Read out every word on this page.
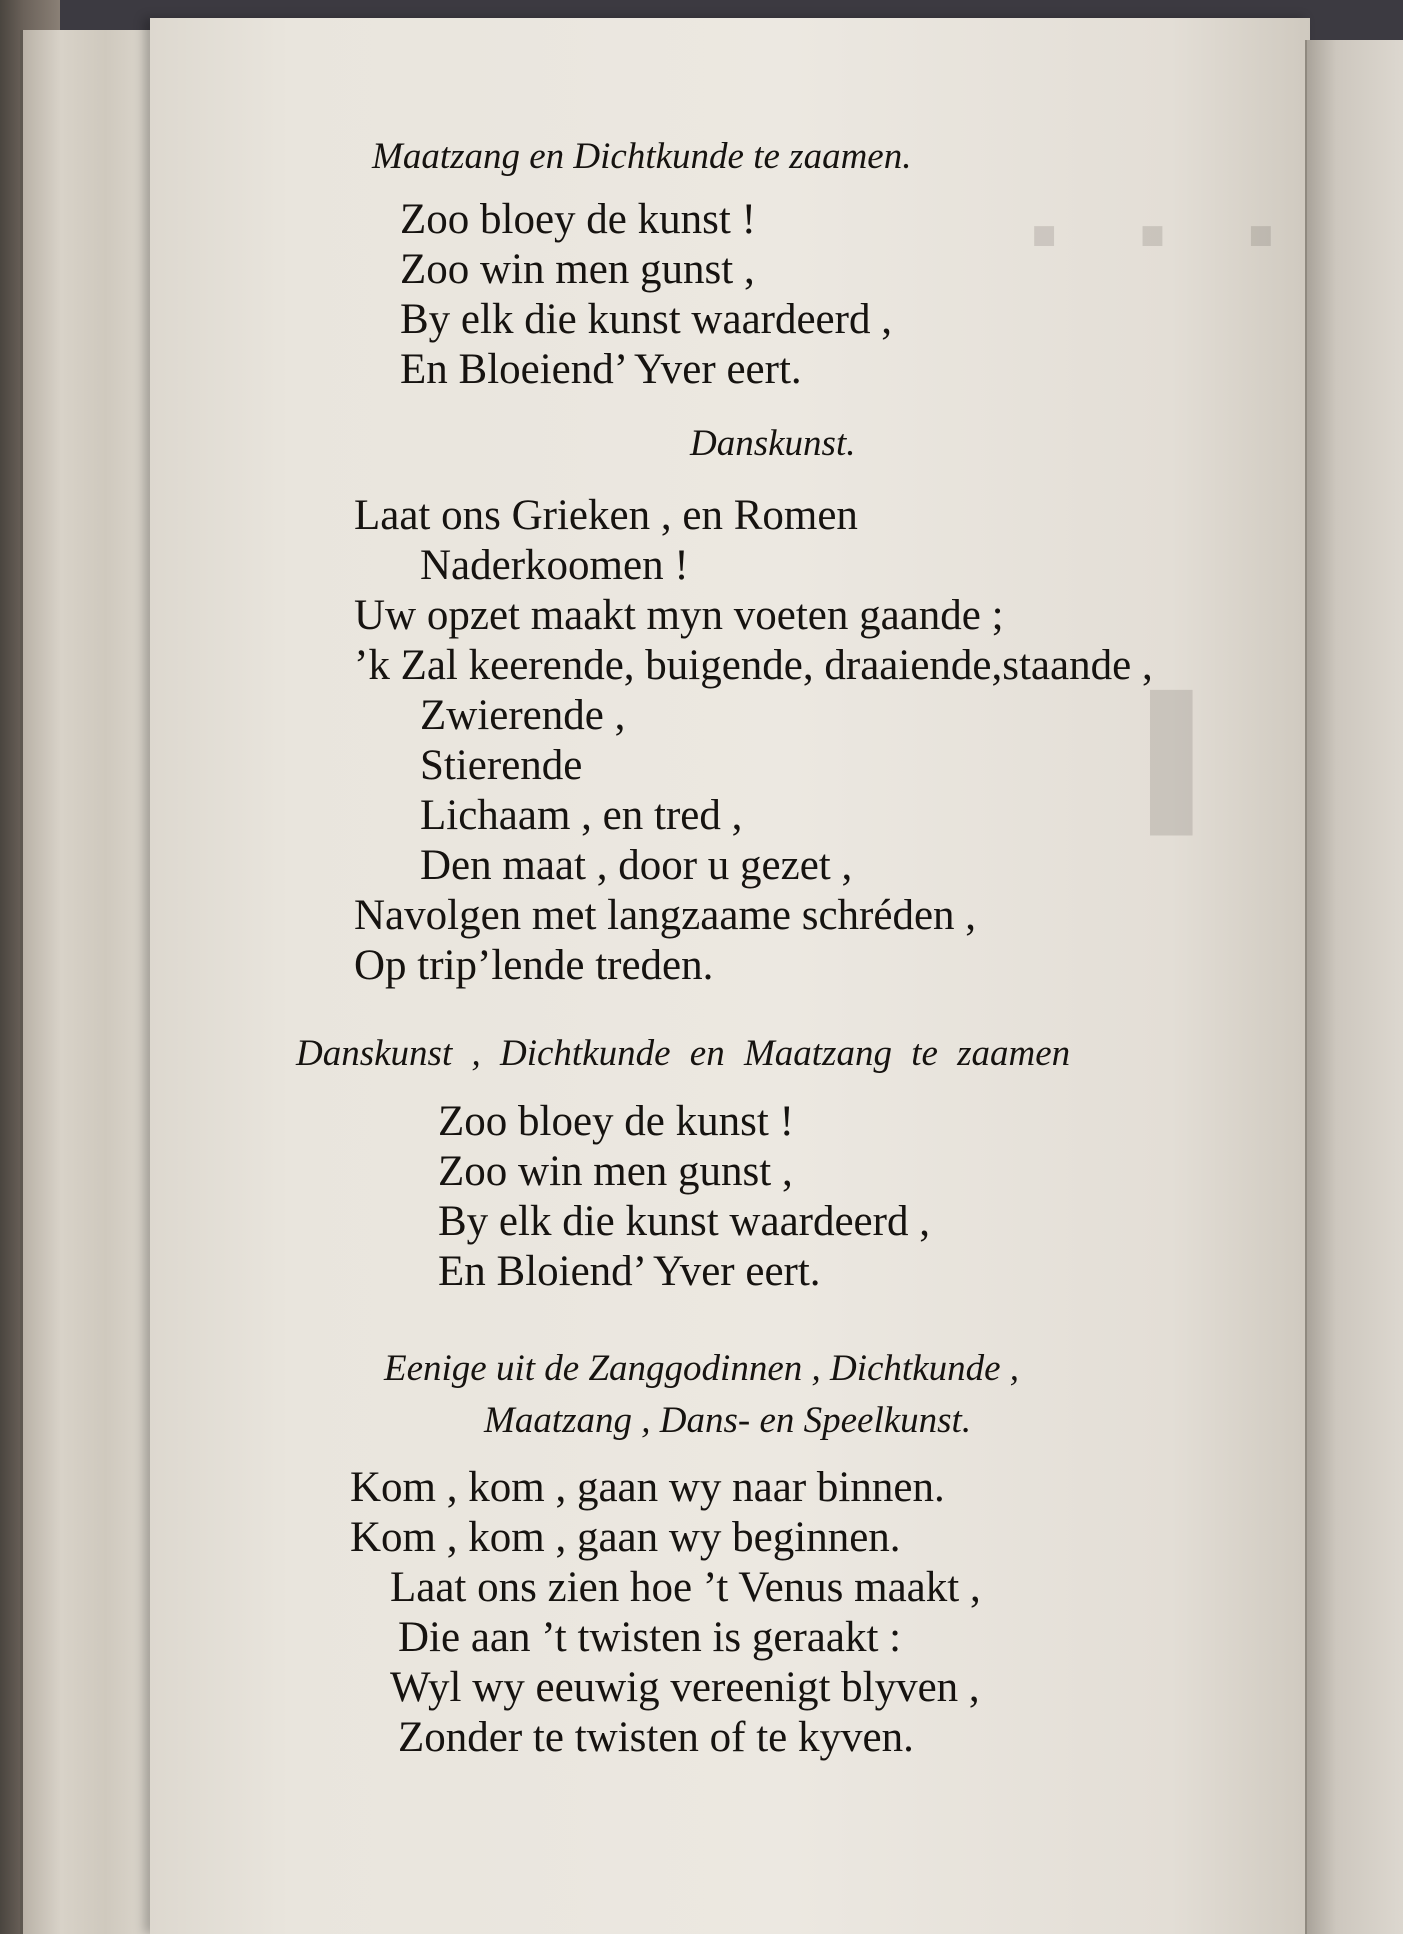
▪ ▪ ▪
▌
Maatzang en Dichtkunde te zaamen.
Zoo bloey de kunst !
Zoo win men gunst ,
By elk die kunst waardeerd ,
En Bloeiend’ Yver eert.
Danskunst.
Laat ons Grieken , en Romen
Naderkoomen !
Uw opzet maakt myn voeten gaande ;
’k Zal keerende, buigende, draaiende,staande ,
Zwierende ,
Stierende
Lichaam , en tred ,
Den maat , door u gezet ,
Navolgen met langzaame schréden ,
Op trip’lende treden.
Danskunst , Dichtkunde en Maatzang te zaamen
Zoo bloey de kunst !
Zoo win men gunst ,
By elk die kunst waardeerd ,
En Bloiend’ Yver eert.
Eenige uit de Zanggodinnen , Dichtkunde ,
Maatzang , Dans- en Speelkunst.
Kom , kom , gaan wy naar binnen.
Kom , kom , gaan wy beginnen.
Laat ons zien hoe ’t Venus maakt ,
Die aan ’t twisten is geraakt :
Wyl wy eeuwig vereenigt blyven ,
Zonder te twisten of te kyven.
